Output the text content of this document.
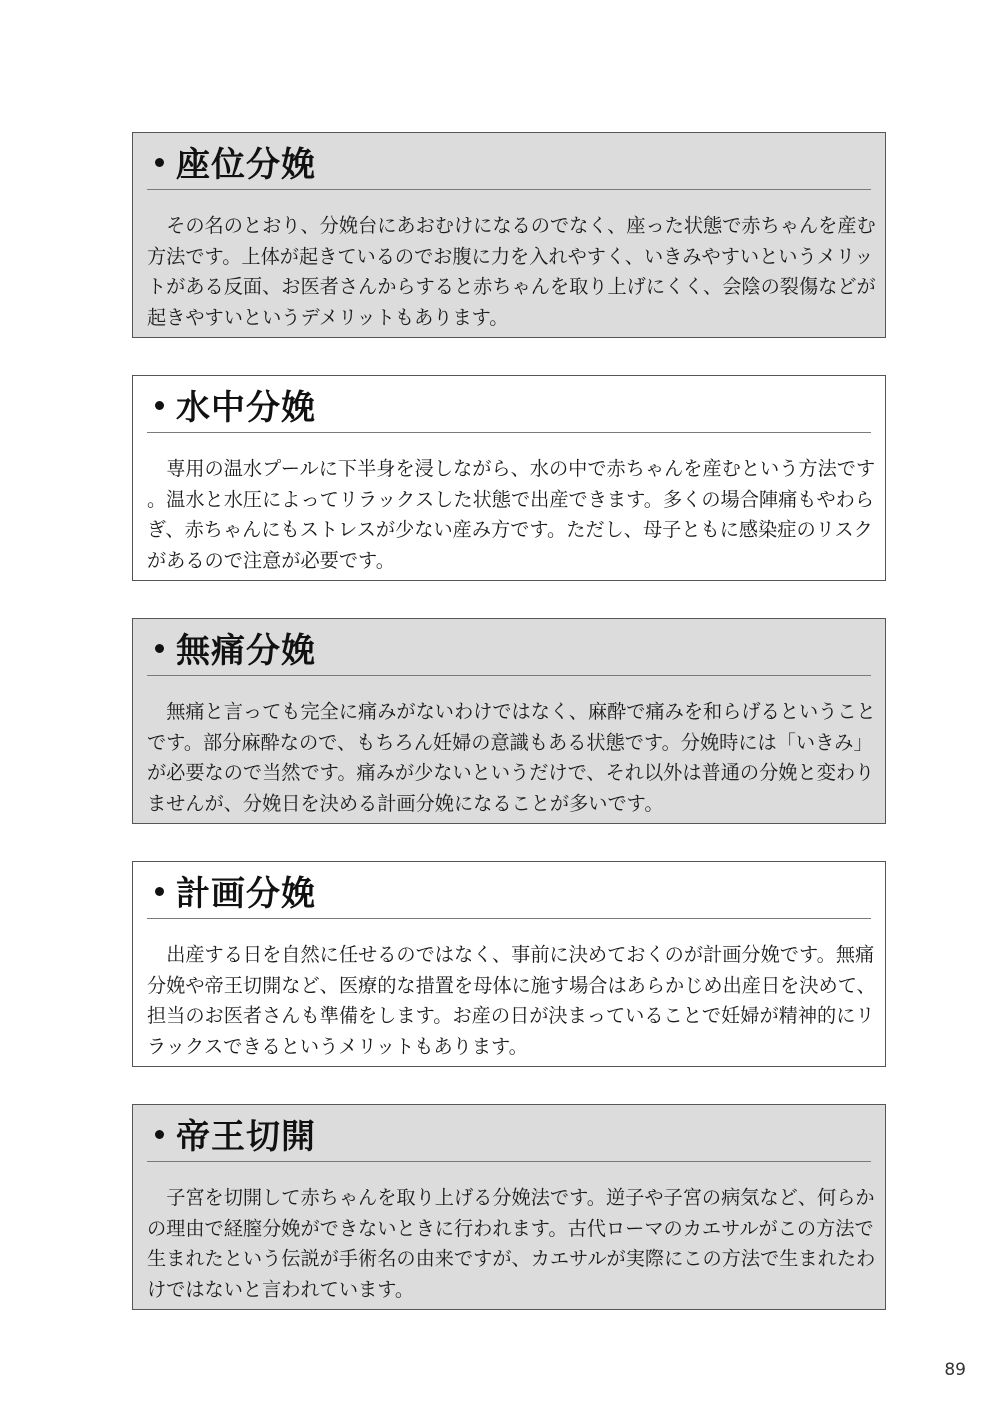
座位分娩
その名のとおり、分娩台にあおむけになるのでなく、座った状態で赤ちゃんを産む方法です。上体が起きているのでお腹に力を入れやすく、いきみやすいというメリットがある反面、お医者さんからすると赤ちゃんを取り上げにくく、会陰の裂傷などが起きやすいというデメリットもあります。
水中分娩
専用の温水プールに下半身を浸しながら、水の中で赤ちゃんを産むという方法です。温水と水圧によってリラックスした状態で出産できます。多くの場合陣痛もやわらぎ、赤ちゃんにもストレスが少ない産み方です。ただし、母子ともに感染症のリスクがあるので注意が必要です。
無痛分娩
無痛と言っても完全に痛みがないわけではなく、麻酔で痛みを和らげるということです。部分麻酔なので、もちろん妊婦の意識もある状態です。分娩時には「いきみ」が必要なので当然です。痛みが少ないというだけで、それ以外は普通の分娩と変わりませんが、分娩日を決める計画分娩になることが多いです。
計画分娩
出産する日を自然に任せるのではなく、事前に決めておくのが計画分娩です。無痛分娩や帝王切開など、医療的な措置を母体に施す場合はあらかじめ出産日を決めて、担当のお医者さんも準備をします。お産の日が決まっていることで妊婦が精神的にリラックスできるというメリットもあります。
帝王切開
子宮を切開して赤ちゃんを取り上げる分娩法です。逆子や子宮の病気など、何らかの理由で経膣分娩ができないときに行われます。古代ローマのカエサルがこの方法で生まれたという伝説が手術名の由来ですが、カエサルが実際にこの方法で生まれたわけではないと言われています。
89
